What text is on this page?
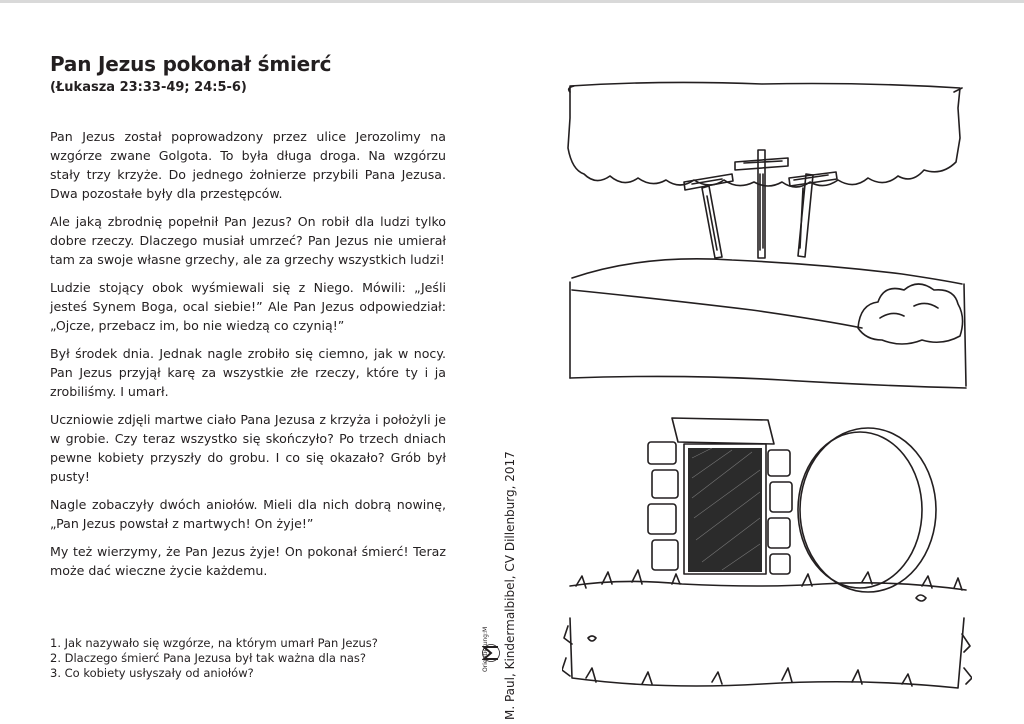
Pan Jezus pokonał śmierć
(Łukasza 23:33-49; 24:5-6)

Pan Jezus został poprowadzony przez ulice Jerozolimy na wzgórze zwane Golgota. To była długa droga. Na wzgórzu stały trzy krzyże. Do jednego żołnierze przybili Pana Jezusa. Dwa pozostałe były dla przestępców.

Ale jaką zbrodnię popełnił Pan Jezus? On robił dla ludzi tylko dobre rzeczy. Dlaczego musiał umrzeć? Pan Jezus nie umierał tam za swoje własne grzechy, ale za grzechy wszystkich ludzi!

Ludzie stojący obok wyśmiewali się z Niego. Mówili: „Jeśli jesteś Synem Boga, ocal siebie!” Ale Pan Jezus odpowiedział: „Ojcze, przebacz im, bo nie wiedzą co czynią!”

Był środek dnia. Jednak nagle zrobiło się ciemno, jak w nocy. Pan Jezus przyjął karę za wszystkie złe rzeczy, które ty i ja zrobiliśmy. I umarł.

Uczniowie zdjęli martwe ciało Pana Jezusa z krzyża i położyli je w grobie. Czy teraz wszystko się skończyło? Po trzech dniach pewne kobiety przyszły do grobu. I co się okazało? Grób był pusty!

Nagle zobaczyły dwóch aniołów. Mieli dla nich dobrą nowinę, „Pan Jezus powstał z martwych! On żyje!”

My też wierzymy, że Pan Jezus żyje! On pokonał śmierć! Teraz może dać wieczne życie każdemu.

1. Jak nazywało się wzgórze, na którym umarł Pan Jezus?
2. Dlaczego śmierć Pana Jezusa był tak ważna dla nas?
3. Co kobiety usłyszały od aniołów?	M. Paul, Kindermalbibel, CV Dillenburg, 2017
Orientierung:M
